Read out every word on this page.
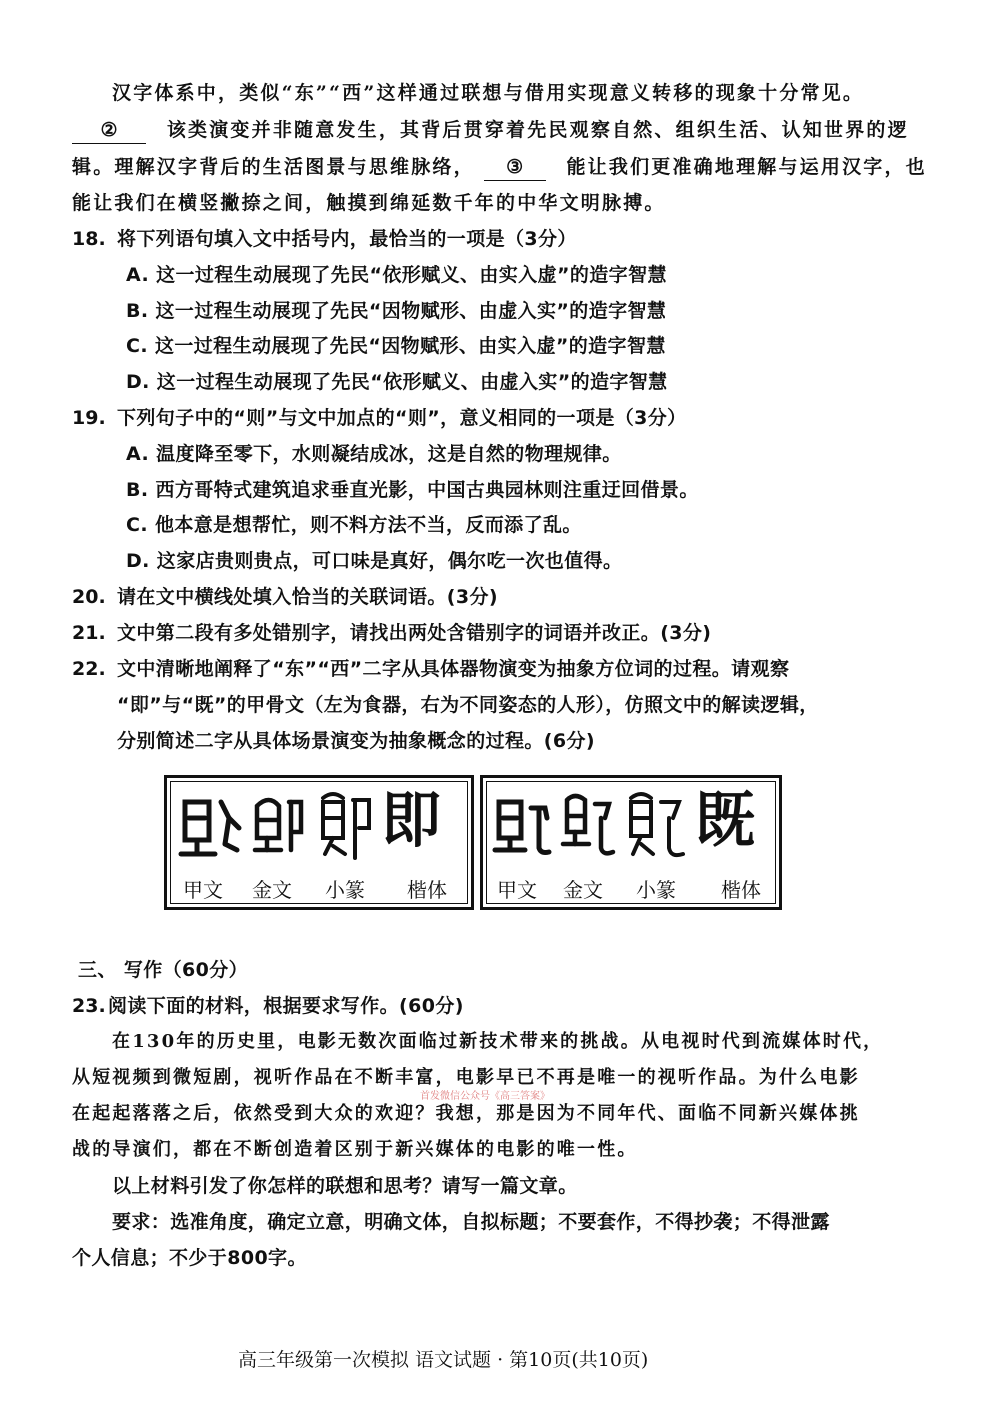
汉字体系中，类似“东”“西”这样通过联想与借用实现意义转移的现象十分常见。
②	该类演变并非随意发生，其背后贯穿着先民观察自然、组织生活、认知世界的逻
辑。理解汉字背后的生活图景与思维脉络， ③ 能让我们更准确地理解与运用汉字，也
能让我们在横竖撇捺之间，触摸到绵延数千年的中华文明脉搏。
18. 将下列语句填入文中括号内，最恰当的一项是（3分）
A. 这一过程生动展现了先民“依形赋义、由实入虚”的造字智慧
B. 这一过程生动展现了先民“因物赋形、由虚入实”的造字智慧
C. 这一过程生动展现了先民“因物赋形、由实入虚”的造字智慧
D. 这一过程生动展现了先民“依形赋义、由虚入实”的造字智慧
19. 下列句子中的“则”与文中加点的“则”，意义相同的一项是（3分）
A. 温度降至零下，水则凝结成冰，这是自然的物理规律。
B. 西方哥特式建筑追求垂直光影，中国古典园林则注重迂回借景。
C. 他本意是想帮忙，则不料方法不当，反而添了乱。
D. 这家店贵则贵点，可口味是真好，偶尔吃一次也值得。
20. 请在文中横线处填入恰当的关联词语。(3分)
21. 文中第二段有多处错别字，请找出两处含错别字的词语并改正。(3分)
22. 文中清晰地阐释了“东”“西”二字从具体器物演变为抽象方位词的过程。请观察
“即”与“既”的甲骨文（左为食器，右为不同姿态的人形），仿照文中的解读逻辑，
分别简述二字从具体场景演变为抽象概念的过程。(6分)
即
甲文 金文 小篆 楷体
既
甲文 金文 小篆 楷体
三、 写作（60分）
23. 阅读下面的材料，根据要求写作。(60分)
在130年的历史里，电影无数次面临过新技术带来的挑战。从电视时代到流媒体时代，
从短视频到微短剧，视听作品在不断丰富，电影早已不再是唯一的视听作品。为什么电影
首发微信公众号《高三答案》
在起起落落之后，依然受到大众的欢迎？我想，那是因为不同年代、面临不同新兴媒体挑
战的导演们，都在不断创造着区别于新兴媒体的电影的唯一性。
以上材料引发了你怎样的联想和思考？请写一篇文章。
要求：选准角度，确定立意，明确文体，自拟标题；不要套作，不得抄袭；不得泄露
个人信息；不少于800字。
高三年级第一次模拟 语文试题 · 第10页(共10页)
